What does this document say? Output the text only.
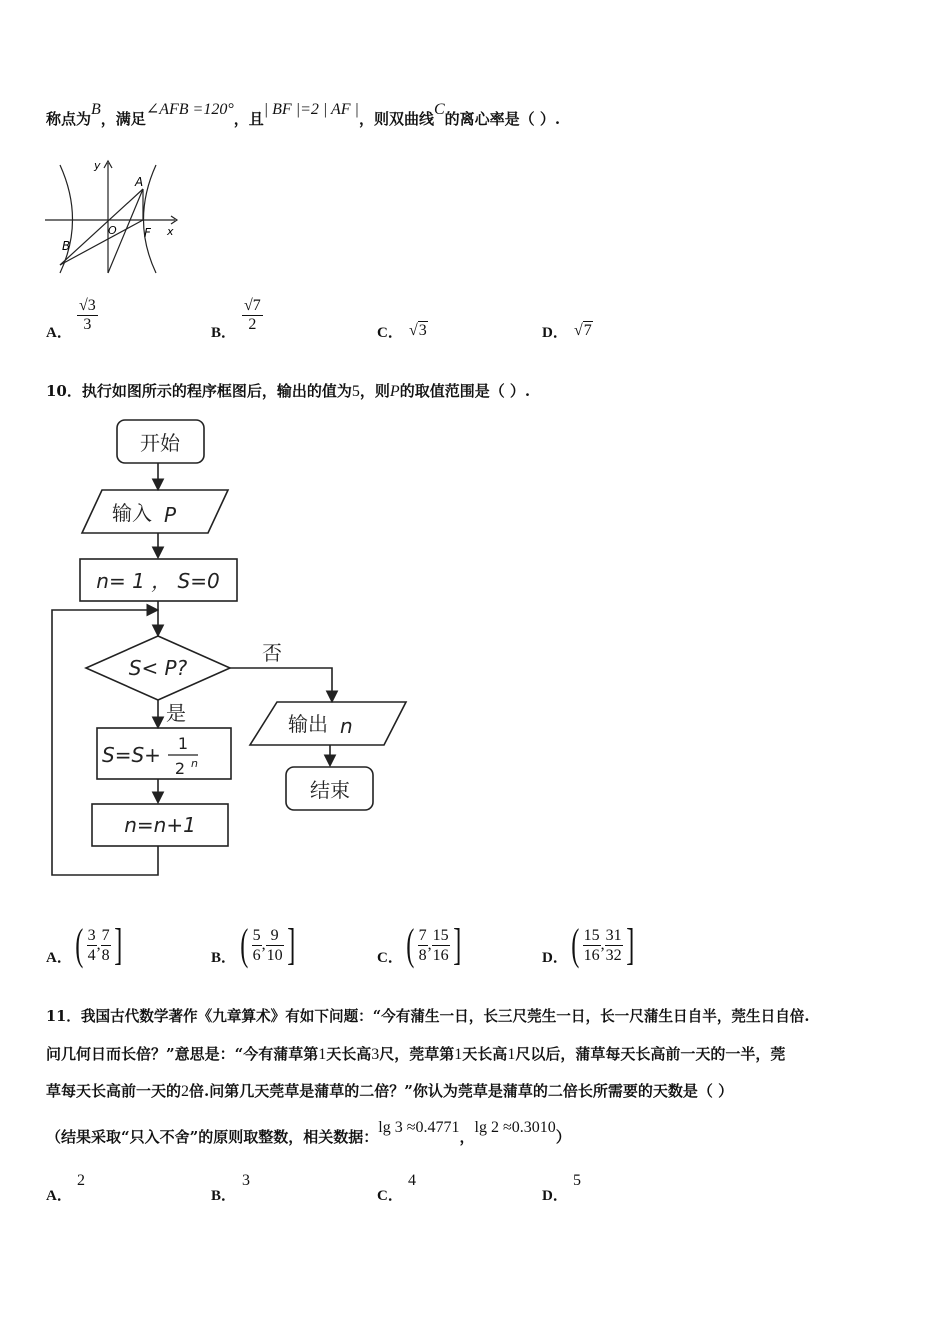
称点为B，满足∠AFB =120°，且| BF |=2 | AF |，则双曲线C的离心率是（ ）.
y
A
B
O F x
A． $\frac{√3}{3}$	B． $\frac{√7}{2}$	C． √3	D． √7
10．执行如图所示的程序框图后，输出的值为5，则P的取值范围是（ ）.
开始
输入 P
n= 1 ， S=0
S< P?
否
是
S=S+ 1
2 n
n=n+1
输出 n
结束
A． ( $\frac{3}{4}$ , $\frac{7}{8}$ ]	B． ( $\frac{5}{6}$ , $\frac{9}{10}$ ]	C． ( $\frac{7}{8}$ , $\frac{15}{16}$ ]	D． ( $\frac{15}{16}$ , $\frac{31}{32}$ ]
11．我国古代数学著作《九章算术》有如下问题：“今有蒲生一日，长三尺莞生一日，长一尺蒲生日自半，莞生日自倍.
问几何日而长倍？”意思是：“今有蒲草第1天长高3尺，莞草第1天长高1尺以后，蒲草每天长高前一天的一半，莞
草每天长高前一天的2倍.问第几天莞草是蒲草的二倍？”你认为莞草是蒲草的二倍长所需要的天数是（ ）
（结果采取“只入不舍”的原则取整数，相关数据：lg 3 ≈0.4771，lg 2 ≈0.3010）
A．
2
B．
3
C．
4
D．
5
